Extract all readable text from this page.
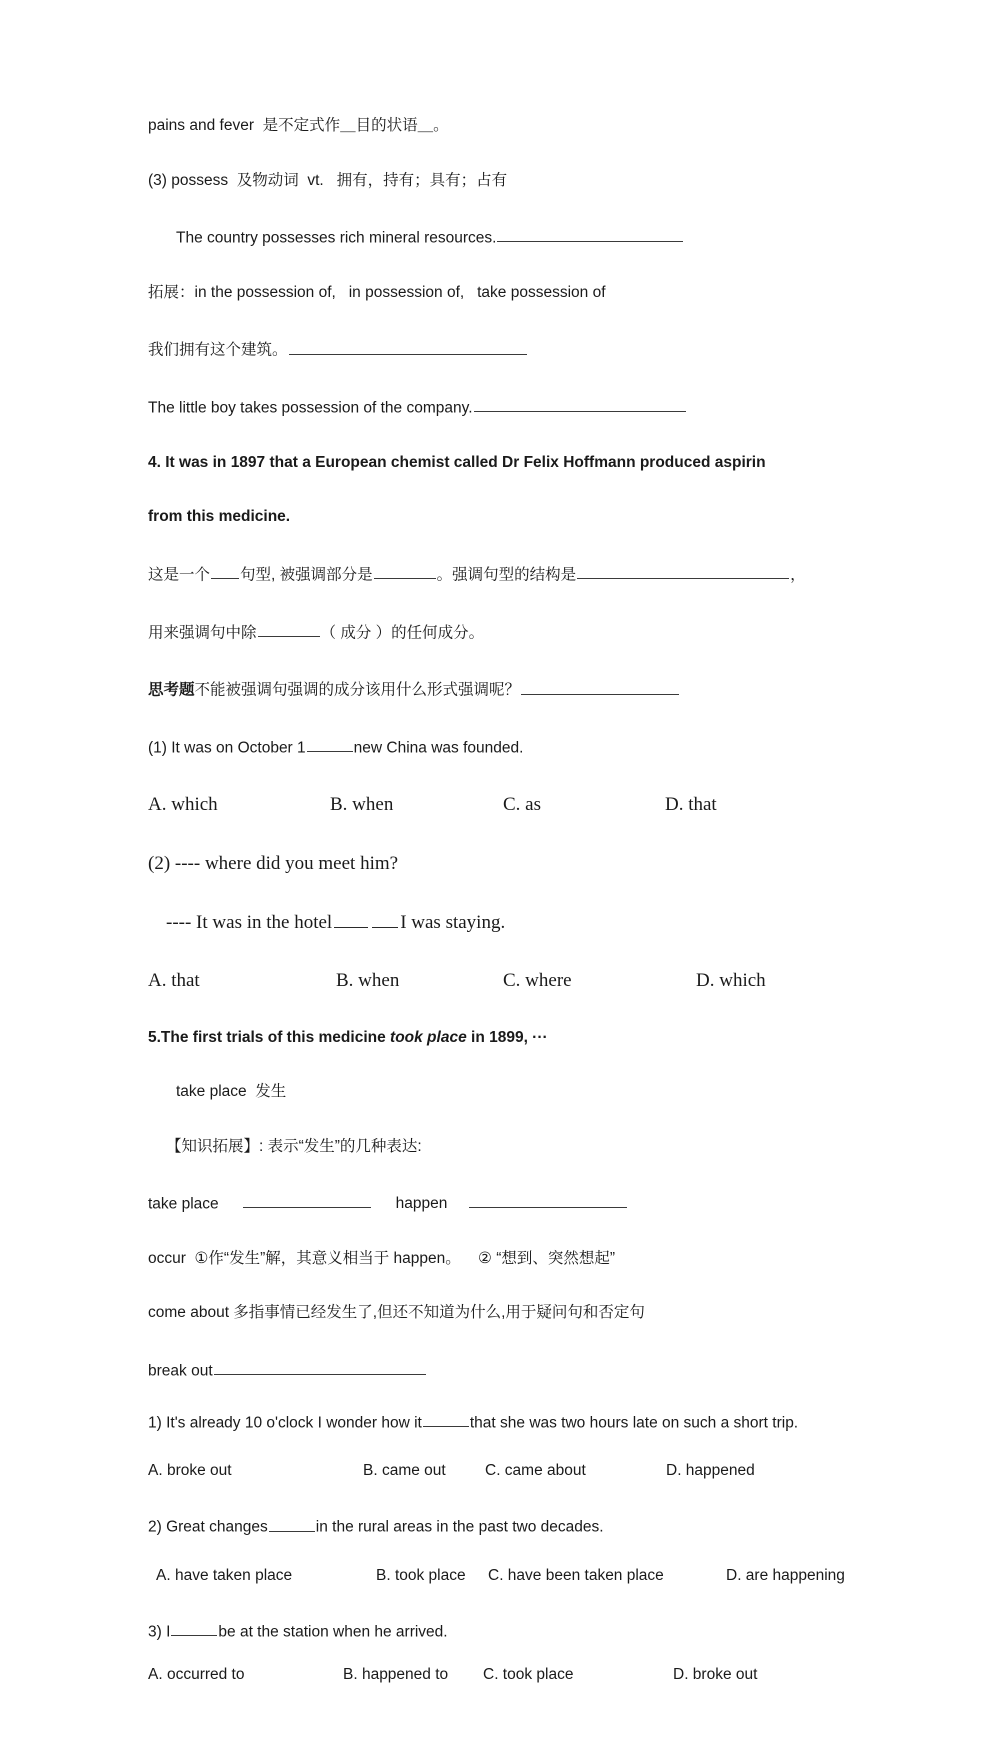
pains and fever  是不定式作＿目的状语＿。
(3) possess  及物动词  vt.   拥有，持有；具有；占有
The country possesses rich mineral resources.
拓展：in the possession of,   in possession of,   take possession of
我们拥有这个建筑。
The little boy takes possession of the company.
4. It was in 1897 that a European chemist called Dr Felix Hoffmann produced aspirin
from this medicine.
这是一个 句型, 被强调部分是	。强调句型的结构是	，
用来强调句中除	（ 成分 ）的任何成分。
思考题不能被强调句强调的成分该用什么形式强调呢？
(1) It was on October 1	new China was founded.

A. which

	B. when

	C. as

	D. that

(2) ---- where did you meet him?
---- It was in the hotel	I was staying.

A. that

	B. when

	C. where

	D. which

5.The first trials of this medicine took place in 1899, ···
take place  发生
【知识拓展】: 表示“发生”的几种表达:
take place	happen
occur  ①作“发生”解，其意义相当于 happen。    ② “想到、突然想起”
come about 多指事情已经发生了,但还不知道为什么,用于疑问句和否定句
break out
1) It's already 10 o'clock I wonder how it	that she was two hours late on such a short trip.

A. broke out

	B. came out

	C. came about

	D. happened

2) Great changes	in the rural areas in the past two decades.

A. have taken place

	B. took place

C. have been taken place

	D. are happening

3) I	be at the station when he arrived.

A. occurred to

	B. happened to

C. took place

	D. broke out
